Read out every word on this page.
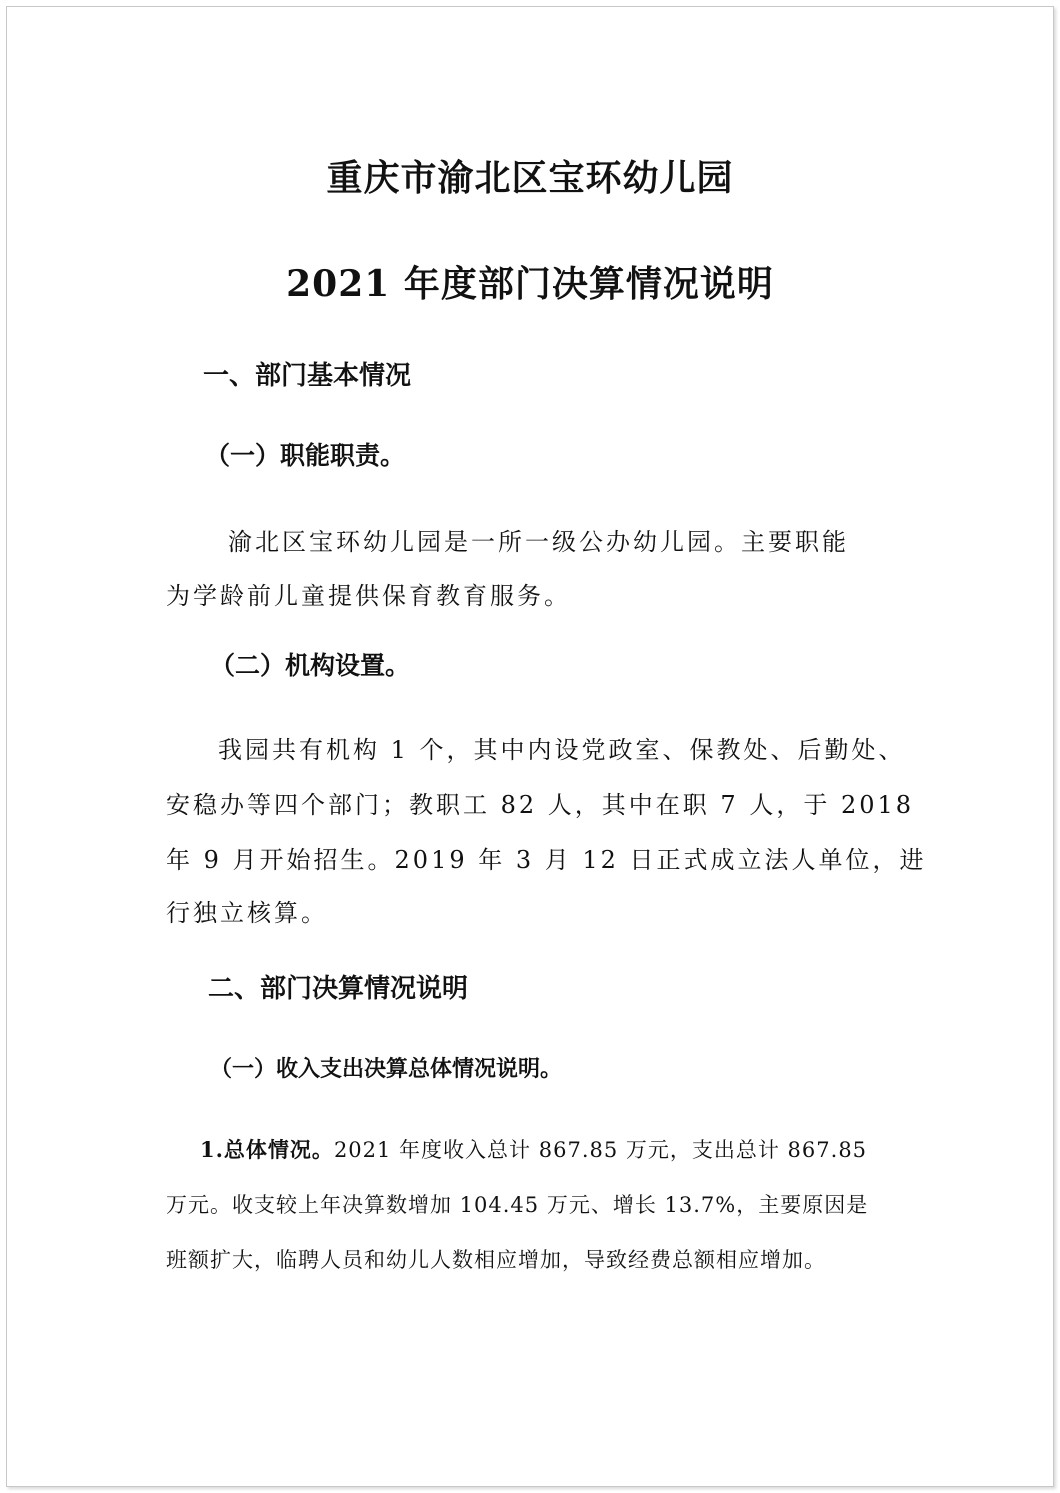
重庆市渝北区宝环幼儿园
2021 年度部门决算情况说明
一、部门基本情况
（一）职能职责。
渝北区宝环幼儿园是一所一级公办幼儿园。主要职能
为学龄前儿童提供保育教育服务。
（二）机构设置。
我园共有机构 1 个，其中内设党政室、保教处、后勤处、
安稳办等四个部门；教职工 82 人，其中在职 7 人，于 2018
年 9 月开始招生。2019 年 3 月 12 日正式成立法人单位，进
行独立核算。
二、部门决算情况说明
（一）收入支出决算总体情况说明。
1.总体情况。2021 年度收入总计 867.85 万元，支出总计 867.85
万元。收支较上年决算数增加 104.45 万元、增长 13.7%，主要原因是
班额扩大，临聘人员和幼儿人数相应增加，导致经费总额相应增加。
